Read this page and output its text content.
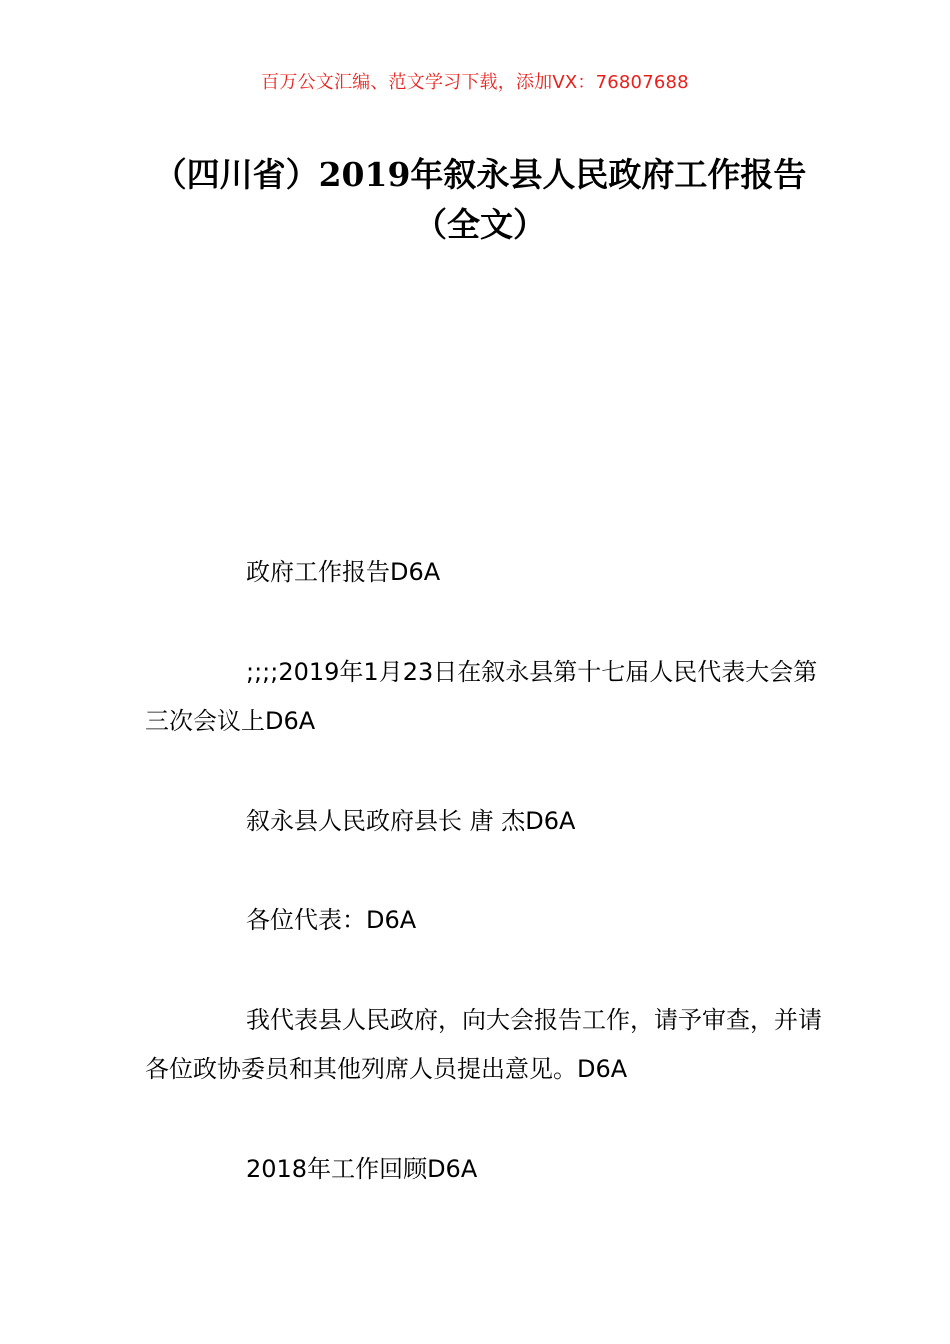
百万公文汇编、范文学习下载，添加VX：76807688
（四川省）2019年叙永县人民政府工作报告（全文）

政府工作报告D6A

;;;;2019年1月23日在叙永县第十七届人民代表大会第三次会议上D6A

叙永县人民政府县长 唐 杰D6A

各位代表：D6A

我代表县人民政府，向大会报告工作，请予审查，并请各位政协委员和其他列席人员提出意见。D6A

2018年工作回顾D6A
